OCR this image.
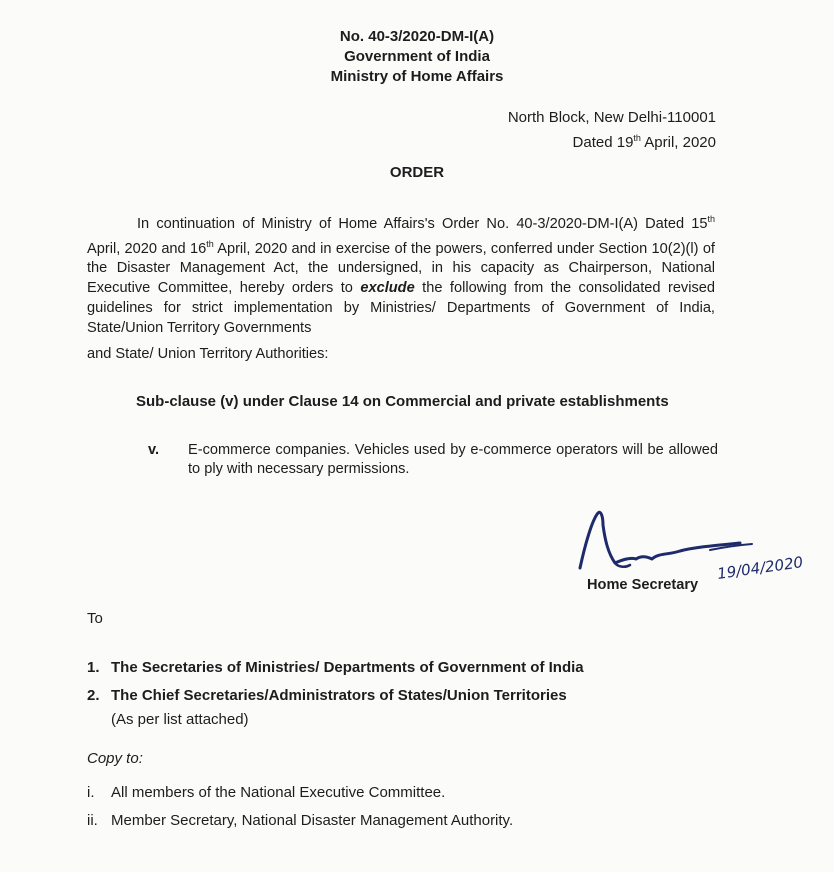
No. 40-3/2020-DM-I(A)
Government of India
Ministry of Home Affairs
North Block, New Delhi-110001
Dated 19th April, 2020
ORDER
In continuation of Ministry of Home Affairs's Order No. 40-3/2020-DM-I(A) Dated 15th April, 2020 and 16th April, 2020 and in exercise of the powers, conferred under Section 10(2)(l) of the Disaster Management Act, the undersigned, in his capacity as Chairperson, National Executive Committee, hereby orders to exclude the following from the consolidated revised guidelines for strict implementation by Ministries/ Departments of Government of India, State/Union Territory Governments
and State/ Union Territory Authorities:
Sub-clause (v) under Clause 14 on Commercial and private establishments
v. E-commerce companies. Vehicles used by e-commerce operators will be allowed to ply with necessary permissions.
19/04/2020
Home Secretary
To
1. The Secretaries of Ministries/ Departments of Government of India
2. The Chief Secretaries/Administrators of States/Union Territories
(As per list attached)
Copy to:
i. All members of the National Executive Committee.
ii. Member Secretary, National Disaster Management Authority.
